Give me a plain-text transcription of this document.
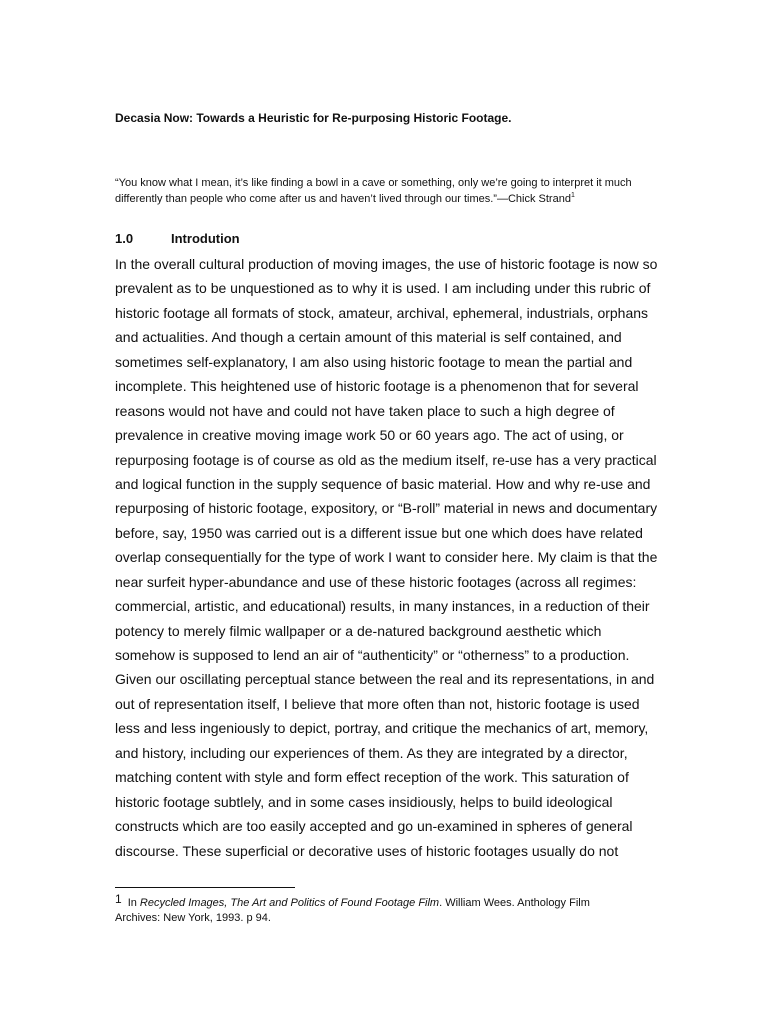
Decasia Now: Towards a Heuristic for Re-purposing Historic Footage.
“You know what I mean, it’s like finding a bowl in a cave or something, only we’re going to interpret it much
differently than people who come after us and haven’t lived through our times.”—Chick Strand$^1$
1.0	Introdution
In the overall cultural production of moving images, the use of historic footage is now so
prevalent as to be unquestioned as to why it is used. I am including under this rubric of
historic footage all formats of stock, amateur, archival, ephemeral, industrials, orphans
and actualities. And though a certain amount of this material is self contained, and
sometimes self-explanatory, I am also using historic footage to mean the partial and
incomplete. This heightened use of historic footage is a phenomenon that for several
reasons would not have and could not have taken place to such a high degree of
prevalence in creative moving image work 50 or 60 years ago. The act of using, or
repurposing footage is of course as old as the medium itself, re-use has a very practical
and logical function in the supply sequence of basic material. How and why re-use and
repurposing of historic footage, expository, or “B-roll” material in news and documentary
before, say, 1950 was carried out is a different issue but one which does have related
overlap consequentially for the type of work I want to consider here. My claim is that the
near surfeit hyper-abundance and use of these historic footages (across all regimes:
commercial, artistic, and educational) results, in many instances, in a reduction of their
potency to merely filmic wallpaper or a de-natured background aesthetic which
somehow is supposed to lend an air of “authenticity” or “otherness” to a production.
Given our oscillating perceptual stance between the real and its representations, in and
out of representation itself, I believe that more often than not, historic footage is used
less and less ingeniously to depict, portray, and critique the mechanics of art, memory,
and history, including our experiences of them. As they are integrated by a director,
matching content with style and form effect reception of the work. This saturation of
historic footage subtlely, and in some cases insidiously, helps to build ideological
constructs which are too easily accepted and go un-examined in spheres of general
discourse. These superficial or decorative uses of historic footages usually do not
1 In Recycled Images, The Art and Politics of Found Footage Film. William Wees. Anthology Film
Archives: New York, 1993. p 94.
